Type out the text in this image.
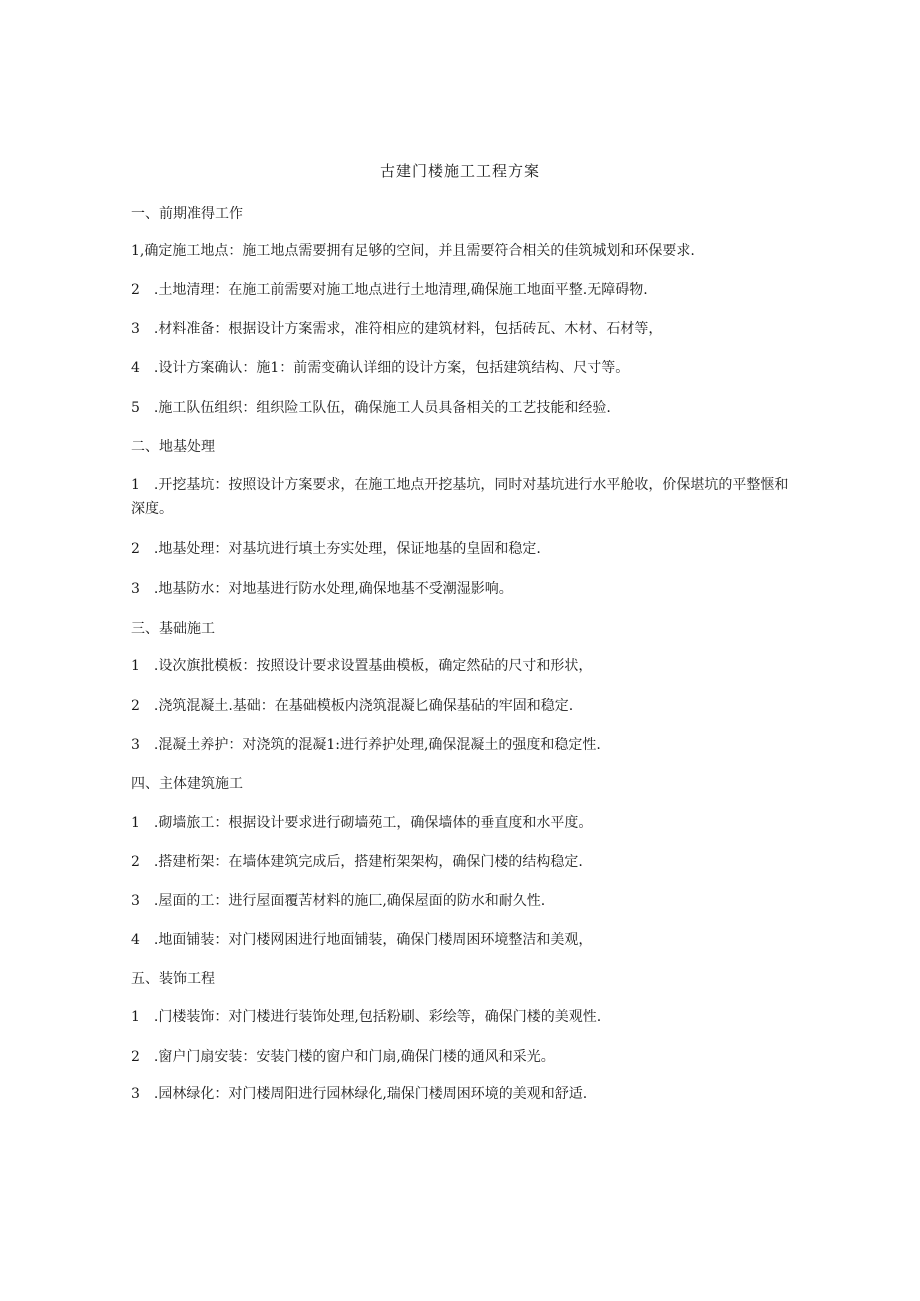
古建门楼施工工程方案
一、前期准得工作
1,确定施工地点：施工地点需要拥有足够的空间，并且需要符合相关的佳筑城划和环保要求.
2　.土地清理：在施工前需要对施工地点进行土地清理,确保施工地面平整.无障碍物.
3　.材料准备：根据设计方案需求，准符相应的建筑材料，包括砖瓦、木材、石材等，
4　.设计方案确认：施1：前需变确认详细的设计方案，包括建筑结构、尺寸等。
5　.施工队伍组织：组织险工队伍，确保施工人员具备相关的工艺技能和经验.
二、地基处理
1　.开挖基坑：按照设计方案要求，在施工地点开挖基坑，同时对基坑进行水平舱收，价保堪坑的平整惬和深度。
2　.地基处理：对基坑进行填土夯实处理，保证地基的皇固和稳定.
3　.地基防水：对地基进行防水处理,确保地基不受潮湿影响。
三、基础施工
1　.设次旗批模板：按照设计要求设置基曲模板，确定然砧的尺寸和形状，
2　.浇筑混凝土.基础：在基础模板内浇筑混凝匕确保基砧的牢固和稳定.
3　.混凝土养护：对浇筑的混凝1:进行养护处理,确保混凝土的强度和稳定性.
四、主体建筑施工
1　.砌墙旅工：根据设计要求进行砌墙苑工，确保墙体的垂直度和水平度。
2　.搭建桁架：在墙体建筑完成后，搭建桁架架构，确保门楼的结构稳定.
3　.屋面的工：进行屋面覆苦材料的施匚,确保屋面的防水和耐久性.
4　.地面铺装：对门楼网困进行地面铺装，确保门楼周困环境整洁和美观，
五、装饰工程
1　.门楼装饰：对门楼进行装饰处理,包括粉刷、彩绘等，确保门楼的美观性.
2　.窗户门扇安装：安装门楼的窗户和门扇,确保门楼的通风和采光。
3　.园林绿化：对门楼周阳进行园林绿化,瑞保门楼周困环境的美观和舒适.
